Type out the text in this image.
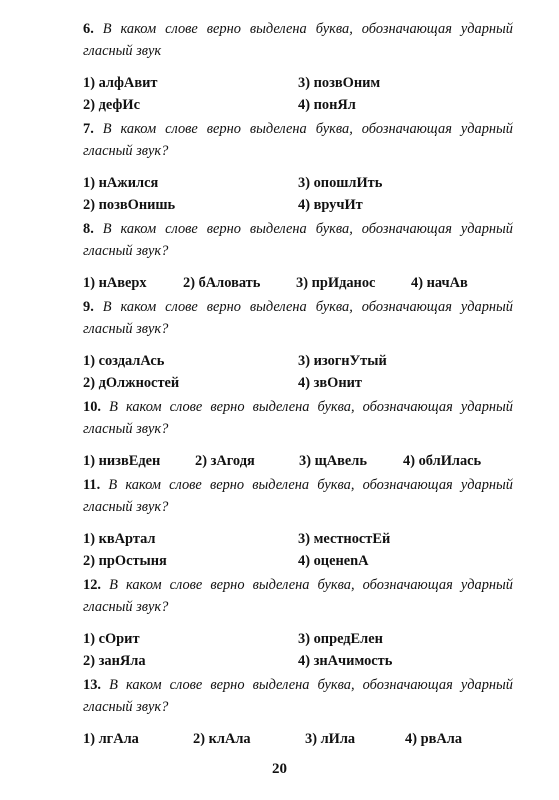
6. В каком слове верно выделена буква, обозначающая ударный гласный звук

1) алфАвит	3) позвОним
2) дефИс	4) понЯл

7. В каком слове верно выделена буква, обозначающая ударный гласный звук?

1) нАжился	3) опошлИть
2) позвОнишь	4) вручИт

8. В каком слове верно выделена буква, обозначающая ударный гласный звук?

1) нАверх	2) бАловать	3) прИданос	4) начАв

9. В каком слове верно выделена буква, обозначающая ударный гласный звук?

1) создалАсь	3) изогнУтый
2) дОлжностей	4) звОнит

10. В каком слове верно выделена буква, обозначающая ударный гласный звук?

1) низвЕден	2) зАгодя	3) щАвель	4) облИлась

11. В каком слове верно выделена буква, обозначающая ударный гласный звук?

1) квАртал	3) местностЕй
2) прОстыня	4) оценenА

12. В каком слове верно выделена буква, обозначающая ударный гласный звук?

1) сОрит	3) опредЕлен
2) занЯла	4) знАчимость

13. В каком слове верно выделена буква, обозначающая ударный гласный звук?

1) лгАла	2) клАла	3) лИла	4) рвАла
20
